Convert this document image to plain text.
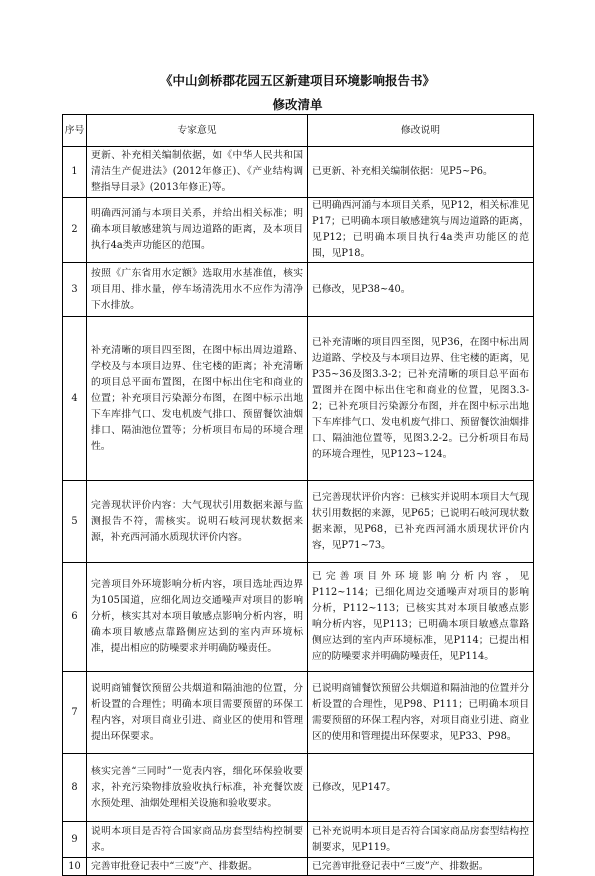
《中山剑桥郡花园五区新建项目环境影响报告书》
修改清单
序号	专家意见	修改说明
1	更新、补充相关编制依据，如《中华人民共和国清洁生产促进法》(2012年修正)、《产业结构调整指导目录》(2013年修正)等。	已更新、补充相关编制依据：见P5~P6。

2	明确西河涌与本项目关系，并给出相关标准；明确本项目敏感建筑与周边道路的距离，及本项目执行4a类声功能区的范围。	已明确西河涌与本项目关系，见P12，相关标准见P17；已明确本项目敏感建筑与周边道路的距离，见P12；已明确本项目执行4a类声功能区的范围，见P18。

3	按照《广东省用水定额》选取用水基准值，核实项目用、排水量，停车场清洗用水不应作为清净下水排放。	已修改，见P38~40。

4	补充清晰的项目四至图，在图中标出周边道路、学校及与本项目边界、住宅楼的距离；补充清晰的项目总平面布置图，在图中标出住宅和商业的位置；补充项目污染源分布图，在图中标示出地下车库排气口、发电机废气排口、预留餐饮油烟排口、隔油池位置等；分析项目布局的环境合理性。	已补充清晰的项目四至图，见P36，在图中标出周边道路、学校及与本项目边界、住宅楼的距离，见P35~36及图3.3-2；已补充清晰的项目总平面布置图并在图中标出住宅和商业的位置，见图3.3-2；已补充项目污染源分布图，并在图中标示出地下车库排气口、发电机废气排口、预留餐饮油烟排口、隔油池位置等，见图3.2-2。已分析项目布局的环境合理性，见P123~124。

5	完善现状评价内容：大气现状引用数据来源与监测报告不符，需核实。说明石岐河现状数据来源，补充西河涌水质现状评价内容。	已完善现状评价内容：已核实并说明本项目大气现状引用数据的来源，见P65；已说明石岐河现状数据来源，见P68，已补充西河涌水质现状评价内容，见P71~73。

6	完善项目外环境影响分析内容，项目选址西边界为105国道，应细化周边交通噪声对项目的影响分析，核实其对本项目敏感点影响分析内容，明确本项目敏感点靠路侧应达到的室内声环境标准，提出相应的防噪要求并明确防噪责任。	已完善项目外环境影响分析内容，见P112~114；已细化周边交通噪声对项目的影响分析，P112~113；已核实其对本项目敏感点影响分析内容，见P113；已明确本项目敏感点靠路侧应达到的室内声环境标准，见P114；已提出相应的防噪要求并明确防噪责任，见P114。

7	说明商铺餐饮预留公共烟道和隔油池的位置，分析设置的合理性；明确本项目需要预留的环保工程内容，对项目商业引进、商业区的使用和管理提出环保要求。	已说明商铺餐饮预留公共烟道和隔油池的位置并分析设置的合理性，见P98、P111；已明确本项目需要预留的环保工程内容，对项目商业引进、商业区的使用和管理提出环保要求，见P33、P98。

8	核实完善“三同时”一览表内容，细化环保验收要求，补充污染物排放验收执行标准，补充餐饮废水预处理、油烟处理相关设施和验收要求。	已修改，见P147。

9	说明本项目是否符合国家商品房套型结构控制要求。	已补充说明本项目是否符合国家商品房套型结构控制要求，见P119。

10	完善审批登记表中“三废”产、排数据。	已完善审批登记表中“三废”产、排数据。
